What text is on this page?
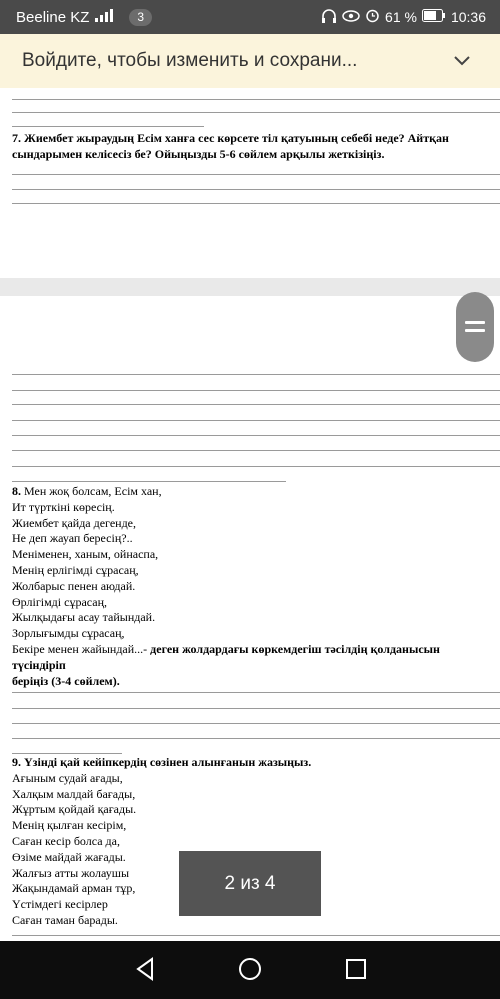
Beeline KZ	3	61 % 10:36
Войдите, чтобы изменить и сохрани...
7. Жиембет жыраудың Есім ханға сес көрсете тіл қатуының себебі неде? Айтқан
сындарымен келісесіз бе? Ойыңызды 5-6 сөйлем арқылы жеткізіңіз.
8. Мен жоқ болсам, Есім хан,
Ит түрткіні көресің.
Жиембет қайда дегенде,
Не деп жауап бересің?..
Меніменен, ханым, ойнаспа,
Менің ерлігімді сұрасаң,
Жолбарыс пенен аюдай.
Өрлігімді сұрасаң,
Жылқыдағы асау тайындай.
Зорлығымды сұрасаң,
Бекіре менен жайындай...- деген жолдардағы көркемдегіш тәсілдің қолданысын
түсіндіріп
беріңіз (3-4 сөйлем).
9. Үзінді қай кейіпкердің сөзінен алынғанын жазыңыз.
Ағыным судай ағады,
Халқым малдай бағады,
Жұртым қойдай қағады.
Менің қылған кесірім,
Саған кесір болса да,
Өзіме майдай жағады.
Жалғыз атты жолаушы
Жақындамай арман тұр,
Үстімдегі кесірлер
Саған таман барады.
2 из 4
